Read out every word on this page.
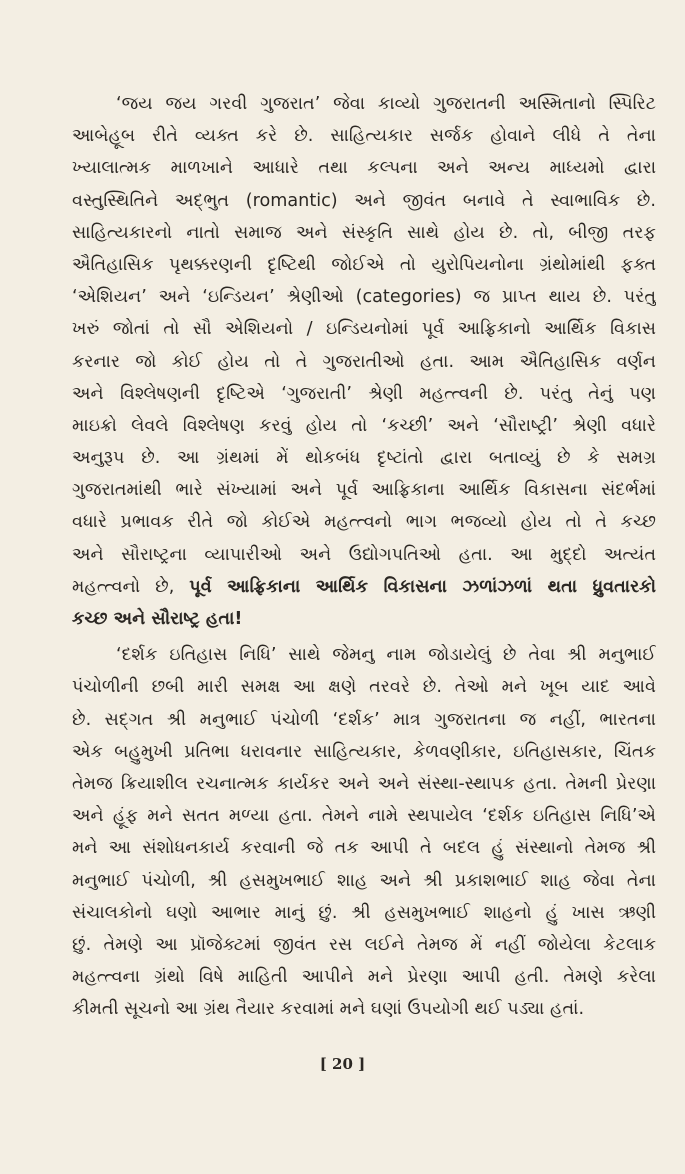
‘જય જય ગરવી ગુજરાત’ જેવા કાવ્યો ગુજરાતની અસ્મિતાનો સ્પિરિટ
આબેહૂબ રીતે વ્યક્ત કરે છે. સાહિત્યકાર સર્જક હોવાને લીધે તે તેના
ખ્યાલાત્મક માળખાને આધારે તથા કલ્પના અને અન્ય માધ્યમો દ્વારા
વસ્તુસ્થિતિને અદ્ભુત (romantic) અને જીવંત બનાવે તે સ્વાભાવિક છે.
સાહિત્યકારનો નાતો સમાજ અને સંસ્કૃતિ સાથે હોય છે. તો, બીજી તરફ
ઐતિહાસિક પૃથક્કરણની દૃષ્ટિથી જોઈએ તો યુરોપિયનોના ગ્રંથોમાંથી ફક્ત
‘એશિયન’ અને ‘ઇન્ડિયન’ શ્રેણીઓ (categories) જ પ્રાપ્ત થાય છે. પરંતુ
ખરું જોતાં તો સૌ એશિયનો / ઇન્ડિયનોમાં પૂર્વ આફ્રિકાનો આર્થિક વિકાસ
કરનાર જો કોઈ હોય તો તે ગુજરાતીઓ હતા. આમ ઐતિહાસિક વર્ણન
અને વિશ્લેષણની દૃષ્ટિએ ‘ગુજરાતી’ શ્રેણી મહત્ત્વની છે. પરંતુ તેનું પણ
માઇક્રો લેવલે વિશ્લેષણ કરવું હોય તો ‘કચ્છી’ અને ‘સૌરાષ્ટ્રી’ શ્રેણી વધારે
અનુરૂપ છે. આ ગ્રંથમાં મેં થોકબંધ દૃષ્ટાંતો દ્વારા બતાવ્યું છે કે સમગ્ર
ગુજરાતમાંથી ભારે સંખ્યામાં અને પૂર્વ આફ્રિકાના આર્થિક વિકાસના સંદર્ભમાં
વધારે પ્રભાવક રીતે જો કોઈએ મહત્ત્વનો ભાગ ભજવ્યો હોય તો તે કચ્છ
અને સૌરાષ્ટ્રના વ્યાપારીઓ અને ઉદ્યોગપતિઓ હતા. આ મુદ્દો અત્યંત
મહત્ત્વનો છે, પૂર્વ આફ્રિકાના આર્થિક વિકાસના ઝળાંઝળાં થતા ધ્રુવતારકો
કચ્છ અને સૌરાષ્ટ્ર હતા!
‘દર્શક ઇતિહાસ નિધિ’ સાથે જેમનુ નામ જોડાયેલું છે તેવા શ્રી મનુભાઈ
પંચોળીની છબી મારી સમક્ષ આ ક્ષણે તરવરે છે. તેઓ મને ખૂબ યાદ આવે
છે. સદ્ગત શ્રી મનુભાઈ પંચોળી ‘દર્શક’ માત્ર ગુજરાતના જ નહીં, ભારતના
એક બહુમુખી પ્રતિભા ધરાવનાર સાહિત્યકાર, કેળવણીકાર, ઇતિહાસકાર, ચિંતક
તેમજ ક્રિયાશીલ રચનાત્મક કાર્યકર અને અને સંસ્થા-સ્થાપક હતા. તેમની પ્રેરણા
અને હૂંફ મને સતત મળ્યા હતા. તેમને નામે સ્થપાયેલ ‘દર્શક ઇતિહાસ નિધિ’એ
મને આ સંશોધનકાર્ય કરવાની જે તક આપી તે બદલ હું સંસ્થાનો તેમજ શ્રી
મનુભાઈ પંચોળી, શ્રી હસમુખભાઈ શાહ અને શ્રી પ્રકાશભાઈ શાહ જેવા તેના
સંચાલકોનો ઘણો આભાર માનું છું. શ્રી હસમુખભાઈ શાહનો હું ખાસ ઋણી
છું. તેમણે આ પ્રૉજેક્ટમાં જીવંત રસ લઈને તેમજ મેં નહીં જોયેલા કેટલાક
મહત્ત્વના ગ્રંથો વિષે માહિતી આપીને મને પ્રેરણા આપી હતી. તેમણે કરેલા
કીમતી સૂચનો આ ગ્રંથ તૈયાર કરવામાં મને ઘણાં ઉપયોગી થઈ પડ્યા હતાં.
[ 20 ]
